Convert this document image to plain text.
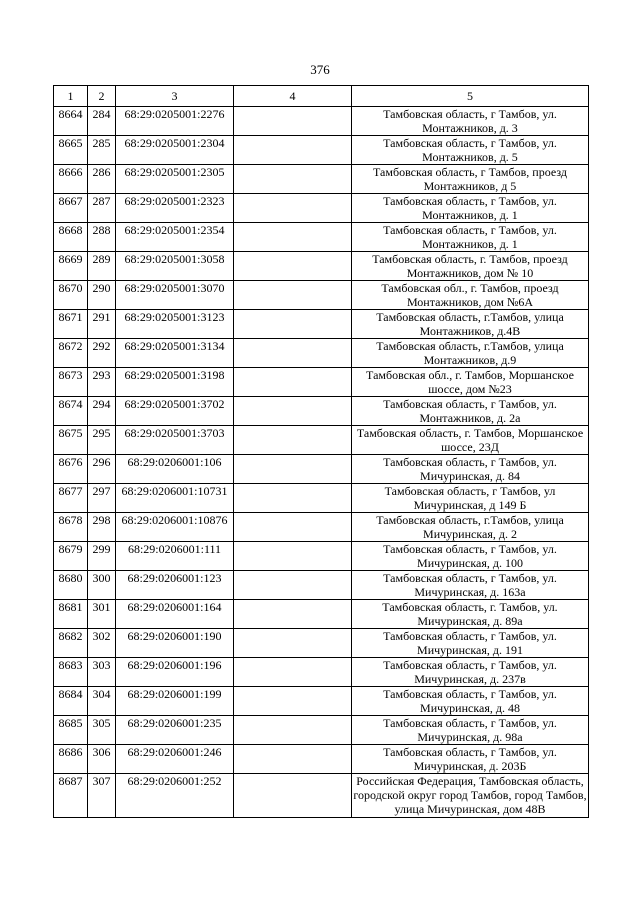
376
1	2	3	4	5
8664	284	68:29:0205001:2276		Тамбовская область, г Тамбов, ул. Монтажников, д. 3
8665	285	68:29:0205001:2304		Тамбовская область, г Тамбов, ул. Монтажников, д. 5
8666	286	68:29:0205001:2305		Тамбовская область, г Тамбов, проезд Монтажников, д 5
8667	287	68:29:0205001:2323		Тамбовская область, г Тамбов, ул. Монтажников, д. 1
8668	288	68:29:0205001:2354		Тамбовская область, г Тамбов, ул. Монтажников, д. 1
8669	289	68:29:0205001:3058		Тамбовская область, г. Тамбов, проезд Монтажников, дом № 10
8670	290	68:29:0205001:3070		Тамбовская обл., г. Тамбов, проезд Монтажников, дом №6А
8671	291	68:29:0205001:3123		Тамбовская область, г.Тамбов, улица Монтажников, д.4В
8672	292	68:29:0205001:3134		Тамбовская область, г.Тамбов, улица Монтажников, д.9
8673	293	68:29:0205001:3198		Тамбовская обл., г. Тамбов, Моршанское шоссе, дом №23
8674	294	68:29:0205001:3702		Тамбовская область, г Тамбов, ул. Монтажников, д. 2а
8675	295	68:29:0205001:3703		Тамбовская область, г. Тамбов, Моршанское шоссе, 23Д
8676	296	68:29:0206001:106		Тамбовская область, г Тамбов, ул. Мичуринская, д. 84
8677	297	68:29:0206001:10731		Тамбовская область, г Тамбов, ул Мичуринская, д 149 Б
8678	298	68:29:0206001:10876		Тамбовская область, г.Тамбов, улица Мичуринская, д. 2
8679	299	68:29:0206001:111		Тамбовская область, г Тамбов, ул. Мичуринская, д. 100
8680	300	68:29:0206001:123		Тамбовская область, г Тамбов, ул. Мичуринская, д. 163а
8681	301	68:29:0206001:164		Тамбовская область, г. Тамбов, ул. Мичуринская, д. 89а
8682	302	68:29:0206001:190		Тамбовская область, г Тамбов, ул. Мичуринская, д. 191
8683	303	68:29:0206001:196		Тамбовская область, г Тамбов, ул. Мичуринская, д. 237в
8684	304	68:29:0206001:199		Тамбовская область, г Тамбов, ул. Мичуринская, д. 48
8685	305	68:29:0206001:235		Тамбовская область, г Тамбов, ул. Мичуринская, д. 98а
8686	306	68:29:0206001:246		Тамбовская область, г Тамбов, ул. Мичуринская, д. 203Б
8687	307	68:29:0206001:252		Российская Федерация, Тамбовская область, городской округ город Тамбов, город Тамбов, улица Мичуринская, дом 48В
